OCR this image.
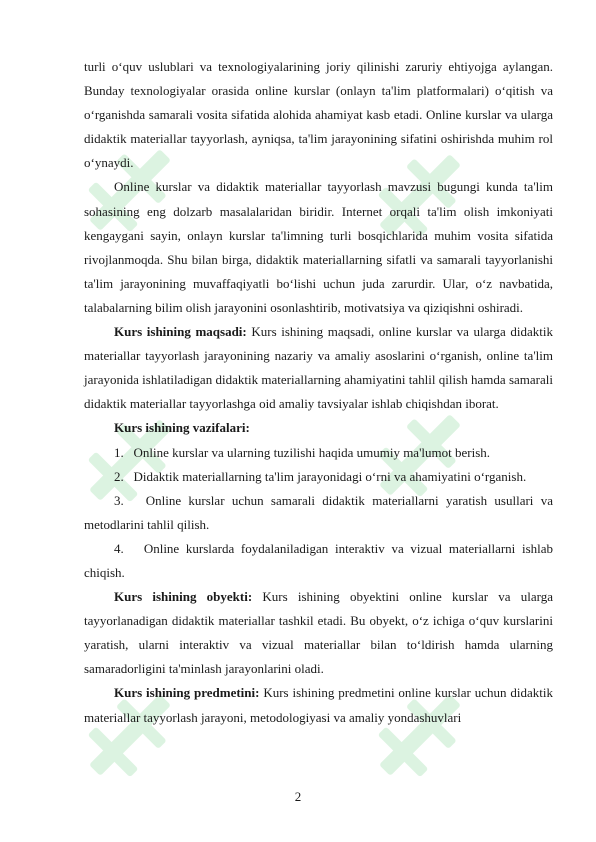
turli o‘quv uslublari va texnologiyalarining joriy qilinishi zaruriy ehtiyojga aylangan. Bunday texnologiyalar orasida online kurslar (onlayn ta'lim platformalari) o‘qitish va o‘rganishda samarali vosita sifatida alohida ahamiyat kasb etadi. Online kurslar va ularga didaktik materiallar tayyorlash, ayniqsa, ta'lim jarayonining sifatini oshirishda muhim rol o‘ynaydi.

Online kurslar va didaktik materiallar tayyorlash mavzusi bugungi kunda ta'lim sohasining eng dolzarb masalalaridan biridir. Internet orqali ta'lim olish imkoniyati kengaygani sayin, onlayn kurslar ta'limning turli bosqichlarida muhim vosita sifatida rivojlanmoqda. Shu bilan birga, didaktik materiallarning sifatli va samarali tayyorlanishi ta'lim jarayonining muvaffaqiyatli bo‘lishi uchun juda zarurdir. Ular, o‘z navbatida, talabalarning bilim olish jarayonini osonlashtirib, motivatsiya va qiziqishni oshiradi.

Kurs ishining maqsadi: Kurs ishining maqsadi, online kurslar va ularga didaktik materiallar tayyorlash jarayonining nazariy va amaliy asoslarini o‘rganish, online ta'lim jarayonida ishlatiladigan didaktik materiallarning ahamiyatini tahlil qilish hamda samarali didaktik materiallar tayyorlashga oid amaliy tavsiyalar ishlab chiqishdan iborat.

Kurs ishining vazifalari:

1. Online kurslar va ularning tuzilishi haqida umumiy ma'lumot berish.

2. Didaktik materiallarning ta'lim jarayonidagi o‘rni va ahamiyatini o‘rganish.

3. Online kurslar uchun samarali didaktik materiallarni yaratish usullari va metodlarini tahlil qilish.

4. Online kurslarda foydalaniladigan interaktiv va vizual materiallarni ishlab chiqish.

Kurs ishining obyekti: Kurs ishining obyektini online kurslar va ularga tayyorlanadigan didaktik materiallar tashkil etadi. Bu obyekt, o‘z ichiga o‘quv kurslarini yaratish, ularni interaktiv va vizual materiallar bilan to‘ldirish hamda ularning samaradorligini ta'minlash jarayonlarini oladi.

Kurs ishining predmetini: Kurs ishining predmetini online kurslar uchun didaktik materiallar tayyorlash jarayoni, metodologiyasi va amaliy yondashuvlari

2
